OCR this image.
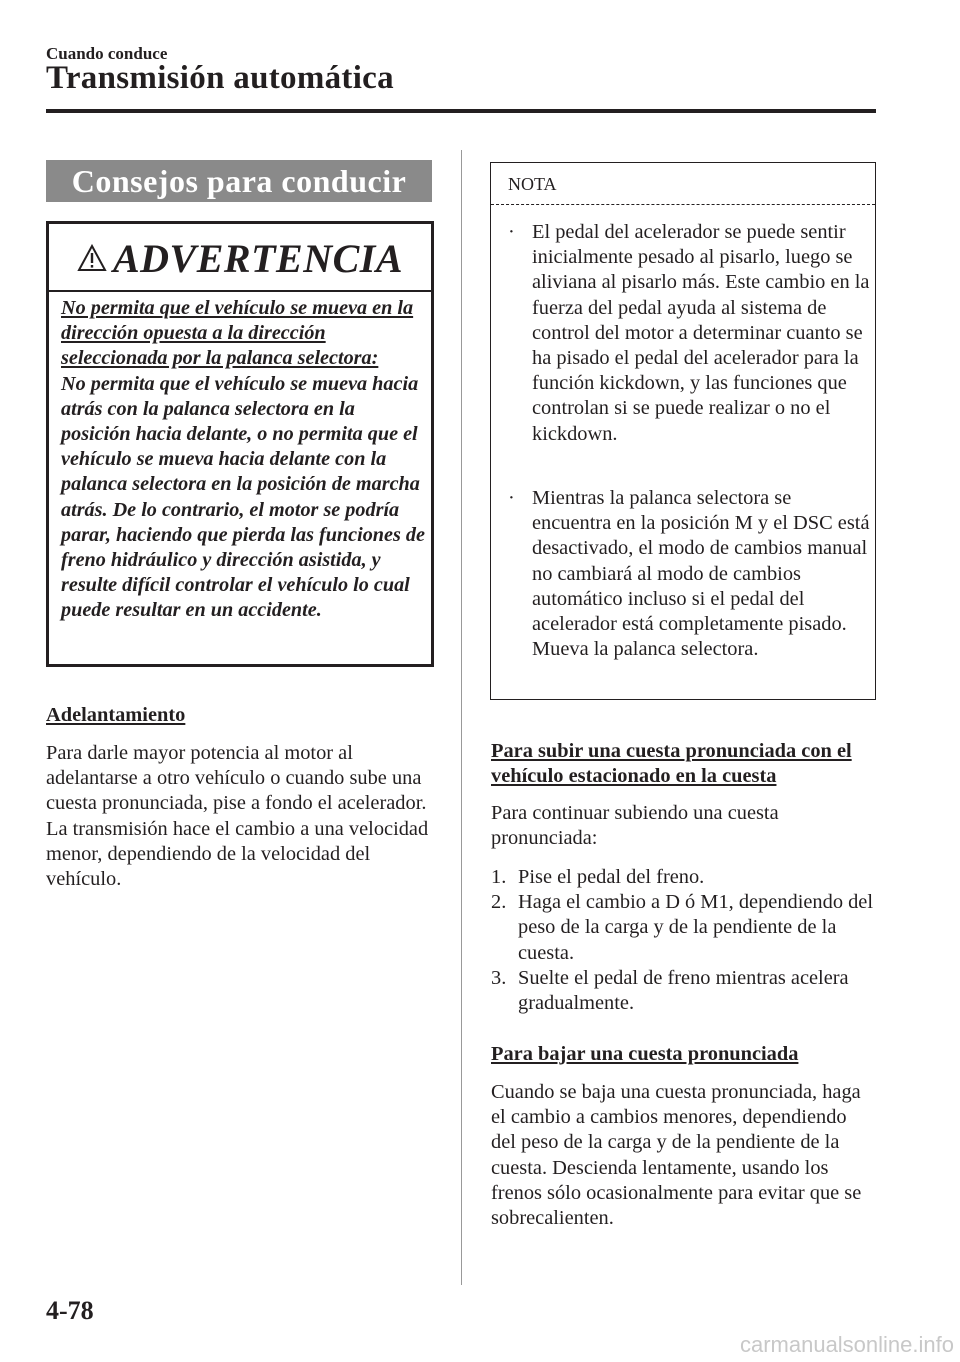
Cuando conduce
Transmisión automática
Consejos para conducir
ADVERTENCIA
No permita que el vehículo se mueva en la dirección opuesta a la dirección seleccionada por la palanca selectora:
No permita que el vehículo se mueva hacia atrás con la palanca selectora en la posición hacia delante, o no permita que el vehículo se mueva hacia delante con la palanca selectora en la posición de marcha atrás. De lo contrario, el motor se podría parar, haciendo que pierda las funciones de freno hidráulico y dirección asistida, y resulte difícil controlar el vehículo lo cual puede resultar en un accidente.
Adelantamiento
Para darle mayor potencia al motor al adelantarse a otro vehículo o cuando sube una cuesta pronunciada, pise a fondo el acelerador. La transmisión hace el cambio a una velocidad menor, dependiendo de la velocidad del vehículo.
NOTA
· El pedal del acelerador se puede sentir inicialmente pesado al pisarlo, luego se aliviana al pisarlo más. Este cambio en la fuerza del pedal ayuda al sistema de control del motor a determinar cuanto se ha pisado el pedal del acelerador para la función kickdown, y las funciones que controlan si se puede realizar o no el kickdown.
· Mientras la palanca selectora se encuentra en la posición M y el DSC está desactivado, el modo de cambios manual no cambiará al modo de cambios automático incluso si el pedal del acelerador está completamente pisado. Mueva la palanca selectora.
Para subir una cuesta pronunciada con el vehículo estacionado en la cuesta
Para continuar subiendo una cuesta pronunciada:
1. Pise el pedal del freno.
2. Haga el cambio a D ó M1, dependiendo del peso de la carga y de la pendiente de la cuesta.
3. Suelte el pedal de freno mientras acelera gradualmente.
Para bajar una cuesta pronunciada
Cuando se baja una cuesta pronunciada, haga el cambio a cambios menores, dependiendo del peso de la carga y de la pendiente de la cuesta. Descienda lentamente, usando los frenos sólo ocasionalmente para evitar que se sobrecalienten.
4-78
carmanualsonline.info
